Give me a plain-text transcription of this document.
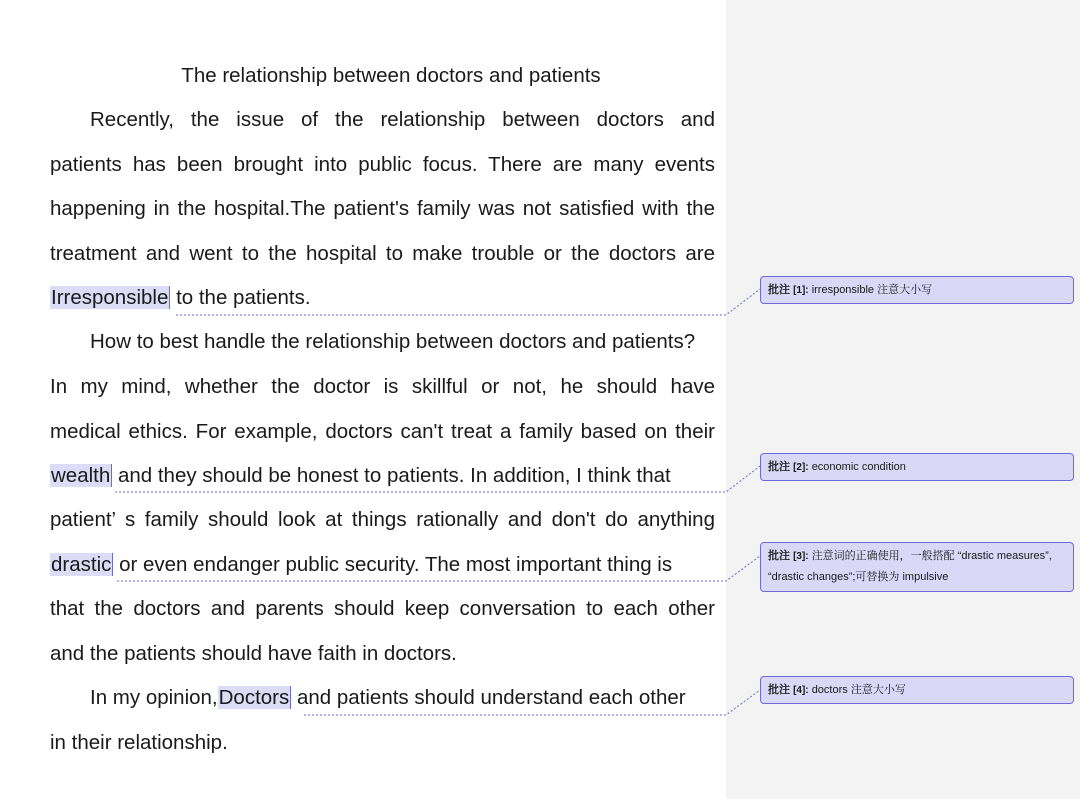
The relationship between doctors and patients
Recently, the issue of the relationship between doctors and
patients has been brought into public focus. There are many events
happening in the hospital.The patient's family was not satisfied with the
treatment and went to the hospital to make trouble or the doctors are
Irresponsible to the patients.
How to best handle the relationship between doctors and patients?
In my mind, whether the doctor is skillful or not, he should have
medical ethics. For example, doctors can't treat a family based on their
wealth and they should be honest to patients. In addition, I think that
patient’ s family should look at things rationally and don't do anything
drastic or even endanger public security. The most important thing is
that the doctors and parents should keep conversation to each other
and the patients should have faith in doctors.
In my opinion,Doctors and patients should understand each other
in their relationship.
批注 [1]: irresponsible 注意大小写
批注 [2]: economic condition
批注 [3]: 注意词的正确使用，一般搭配 “drastic measures”, “drastic changes”;可替换为 impulsive
批注 [4]: doctors 注意大小写
